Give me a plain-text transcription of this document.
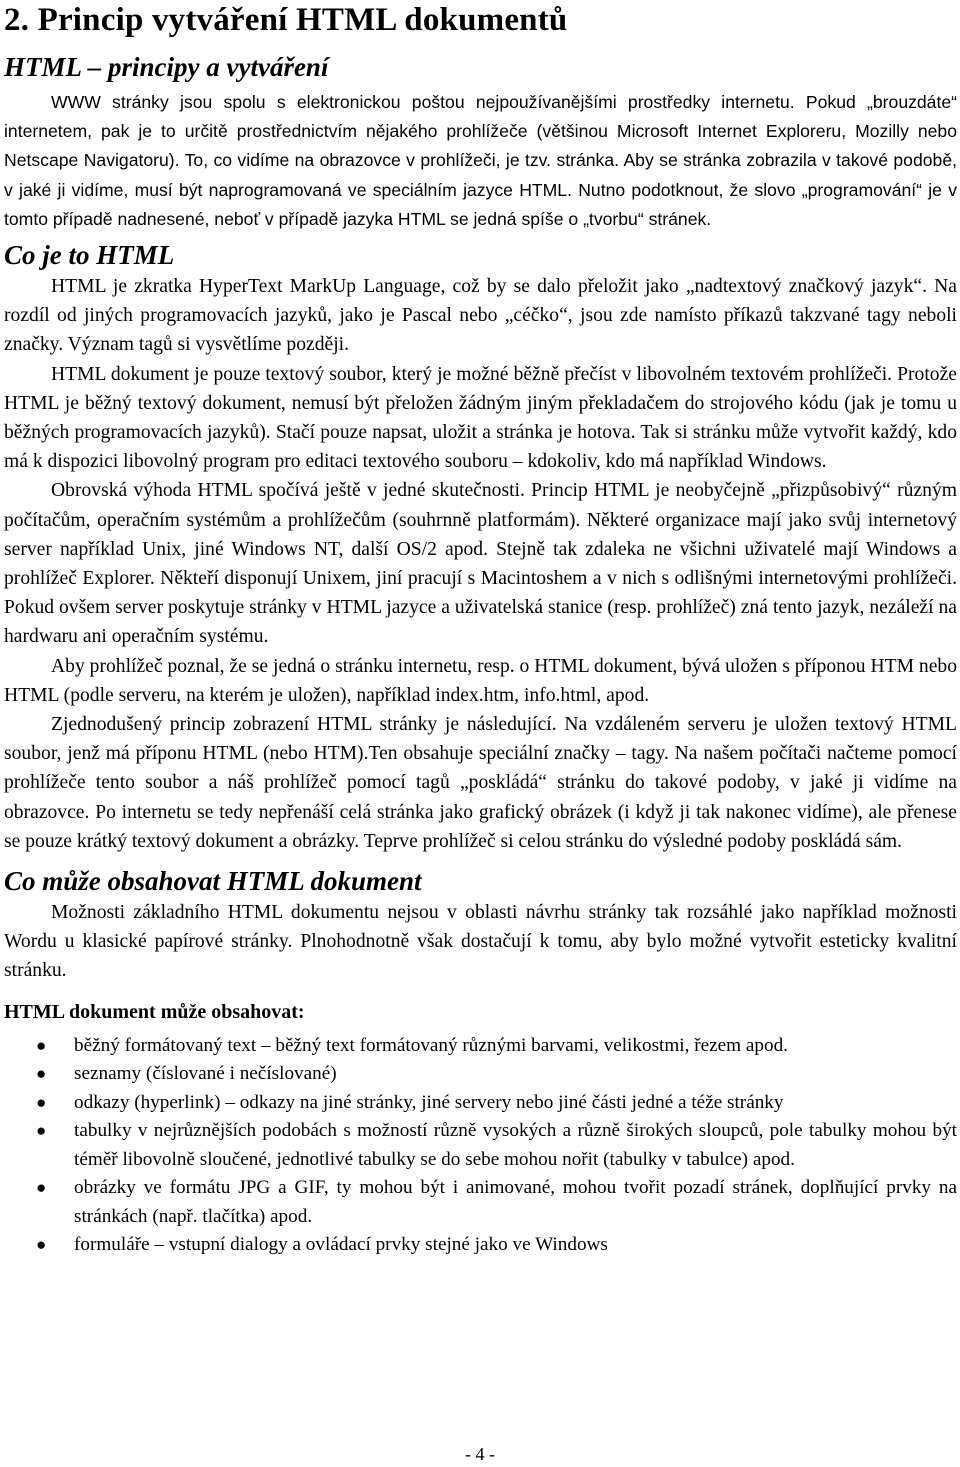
2. Princip vytváření HTML dokumentů
HTML – principy a vytváření

WWW stránky jsou spolu s elektronickou poštou nejpoužívanějšími prostředky internetu. Pokud „brouzdáte“ internetem, pak je to určitě prostřednictvím nějakého prohlížeče (většinou Microsoft Internet Exploreru, Mozilly nebo Netscape Navigatoru). To, co vidíme na obrazovce v prohlížeči, je tzv. stránka. Aby se stránka zobrazila v takové podobě, v jaké ji vidíme, musí být naprogramovaná ve speciálním jazyce HTML. Nutno podotknout, že slovo „programování“ je v tomto případě nadnesené, neboť v případě jazyka HTML se jedná spíše o „tvorbu“ stránek.

Co je to HTML

HTML je zkratka HyperText MarkUp Language, což by se dalo přeložit jako „nadtextový značkový jazyk“. Na rozdíl od jiných programovacích jazyků, jako je Pascal nebo „céčko“, jsou zde namísto příkazů takzvané tagy neboli značky. Význam tagů si vysvětlíme později.

HTML dokument je pouze textový soubor, který je možné běžně přečíst v libovolném textovém prohlížeči. Protože HTML je běžný textový dokument, nemusí být přeložen žádným jiným překladačem do strojového kódu (jak je tomu u běžných programovacích jazyků). Stačí pouze napsat, uložit a stránka je hotova. Tak si stránku může vytvořit každý, kdo má k dispozici libovolný program pro editaci textového souboru – kdokoliv, kdo má například Windows.

Obrovská výhoda HTML spočívá ještě v jedné skutečnosti. Princip HTML je neobyčejně „přizpůsobivý“ různým počítačům, operačním systémům a prohlížečům (souhrnně platformám). Některé organizace mají jako svůj internetový server například Unix, jiné Windows NT, další OS/2 apod. Stejně tak zdaleka ne všichni uživatelé mají Windows a prohlížeč Explorer. Někteří disponují Unixem, jiní pracují s Macintoshem a v nich s odlišnými internetovými prohlížeči. Pokud ovšem server poskytuje stránky v HTML jazyce a uživatelská stanice (resp. prohlížeč) zná tento jazyk, nezáleží na hardwaru ani operačním systému.

Aby prohlížeč poznal, že se jedná o stránku internetu, resp. o HTML dokument, bývá uložen s příponou HTM nebo HTML (podle serveru, na kterém je uložen), například index.htm, info.html, apod.

Zjednodušený princip zobrazení HTML stránky je následující. Na vzdáleném serveru je uložen textový HTML soubor, jenž má příponu HTML (nebo HTM).Ten obsahuje speciální značky – tagy. Na našem počítači načteme pomocí prohlížeče tento soubor a náš prohlížeč pomocí tagů „poskládá“ stránku do takové podoby, v jaké ji vidíme na obrazovce. Po internetu se tedy nepřenáší celá stránka jako grafický obrázek (i když ji tak nakonec vidíme), ale přenese se pouze krátký textový dokument a obrázky. Teprve prohlížeč si celou stránku do výsledné podoby poskládá sám.

Co může obsahovat HTML dokument

Možnosti základního HTML dokumentu nejsou v oblasti návrhu stránky tak rozsáhlé jako například možnosti Wordu u klasické papírové stránky. Plnohodnotně však dostačují k tomu, aby bylo možné vytvořit esteticky kvalitní stránku.

HTML dokument může obsahovat:
● běžný formátovaný text – běžný text formátovaný různými barvami, velikostmi, řezem apod.
● seznamy (číslované i nečíslované)
● odkazy (hyperlink) – odkazy na jiné stránky, jiné servery nebo jiné části jedné a téže stránky
● tabulky v nejrůznějších podobách s možností různě vysokých a různě širokých sloupců, pole tabulky mohou být téměř libovolně sloučené, jednotlivé tabulky se do sebe mohou nořit (tabulky v tabulce) apod.
● obrázky ve formátu JPG a GIF, ty mohou být i animované, mohou tvořit pozadí stránek, doplňující prvky na stránkách (např. tlačítka) apod.
● formuláře – vstupní dialogy a ovládací prvky stejné jako ve Windows
- 4 -
